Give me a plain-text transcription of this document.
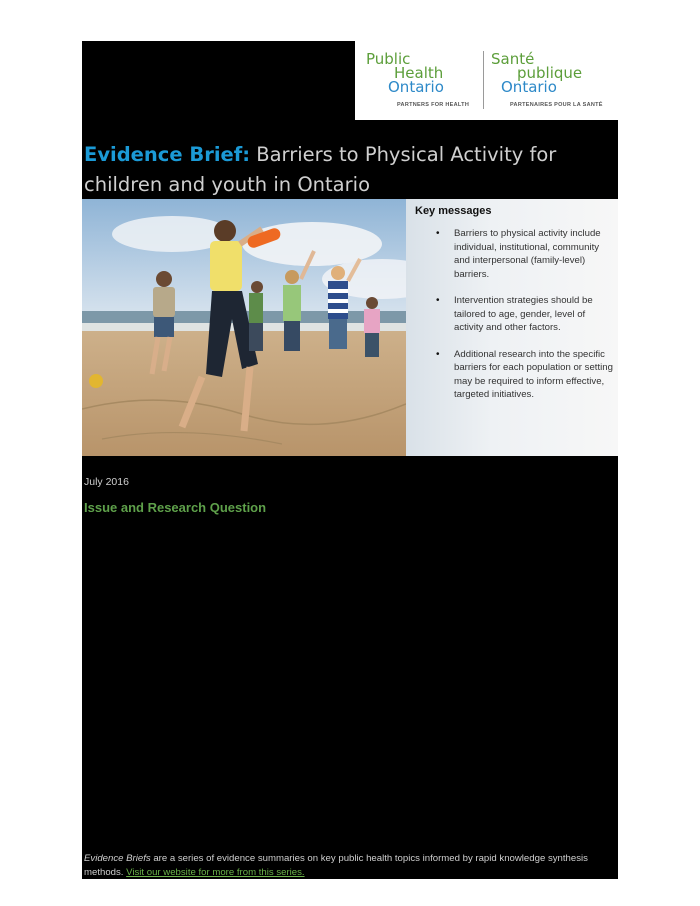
Public
Health
Ontario
PARTNERS FOR HEALTH
Santé
publique
Ontario
PARTENAIRES POUR LA SANTÉ
Evidence Brief: Barriers to Physical Activity for children and youth in Ontario
Key messages
• Barriers to physical activity include individual, institutional, community and interpersonal (family-level) barriers.
• Intervention strategies should be tailored to age, gender, level of activity and other factors.
• Additional research into the specific barriers for each population or setting may be required to inform effective, targeted initiatives.
July 2016
Issue and Research Question
Evidence Briefs are a series of evidence summaries on key public health topics informed by rapid knowledge synthesis methods. Visit our website for more from this series.
